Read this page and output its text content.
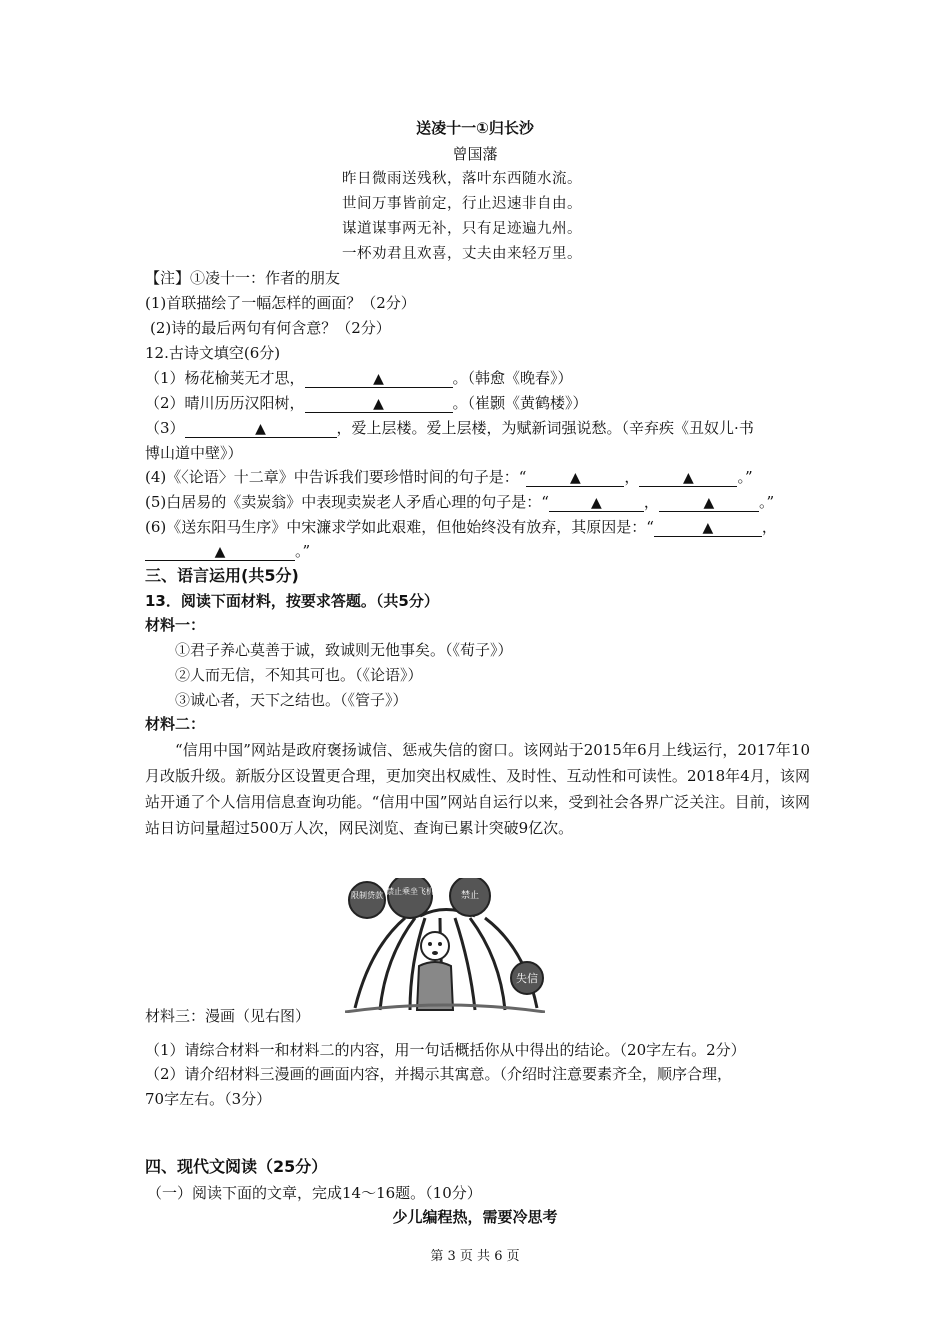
送凌十一①归长沙
曾国藩
昨日微雨送残秋，落叶东西随水流。
世间万事皆前定，行止迟速非自由。
谋道谋事两无补，只有足迹遍九州。
一杯劝君且欢喜，丈夫由来轻万里。
【注】①凌十一：作者的朋友
(1)首联描绘了一幅怎样的画面？（2分）
(2)诗的最后两句有何含意？（2分）
12.古诗文填空(6分)
（1）杨花榆荚无才思， ▲	。（韩愈《晚春》）
（2）晴川历历汉阳树， ▲	。（崔颢《黄鹤楼》）
（3） ▲	，爱上层楼。爱上层楼，为赋新词强说愁。（辛弃疾《丑奴儿·书
博山道中壁》）
(4)《〈论语〉十二章》中告诉我们要珍惜时间的句子是：“ ▲	， ▲	。”
(5)白居易的《卖炭翁》中表现卖炭老人矛盾心理的句子是：“ ▲	， ▲	。”
(6)《送东阳马生序》中宋濂求学如此艰难，但他始终没有放弃，其原因是：“ ▲	，
▲。”
三、语言运用(共5分)
13．阅读下面材料，按要求答题。（共5分）
材料一：
①君子养心莫善于诚，致诚则无他事矣。（《荀子》）
②人而无信，不知其可也。（《论语》）
③诚心者，天下之结也。（《管子》）
材料二：
“信用中国”网站是政府褒扬诚信、惩戒失信的窗口。该网站于2015年6月上线运行，2017年10月改版升级。新版分区设置更合理，更加突出权威性、及时性、互动性和可读性。2018年4月，该网站开通了个人信用信息查询功能。“信用中国”网站自运行以来，受到社会各界广泛关注。目前，该网站日访问量超过500万人次，网民浏览、查询已累计突破9亿次。
限制贷款 禁止乘坐飞机	禁止
失信
材料三：漫画（见右图）
（1）请综合材料一和材料二的内容，用一句话概括你从中得出的结论。（20字左右。2分）
（2）请介绍材料三漫画的画面内容，并揭示其寓意。（介绍时注意要素齐全，顺序合理，
70字左右。（3分）
四、现代文阅读（25分）
（一）阅读下面的文章，完成14～16题。（10分）
少儿编程热，需要冷思考
第 3 页 共 6 页
